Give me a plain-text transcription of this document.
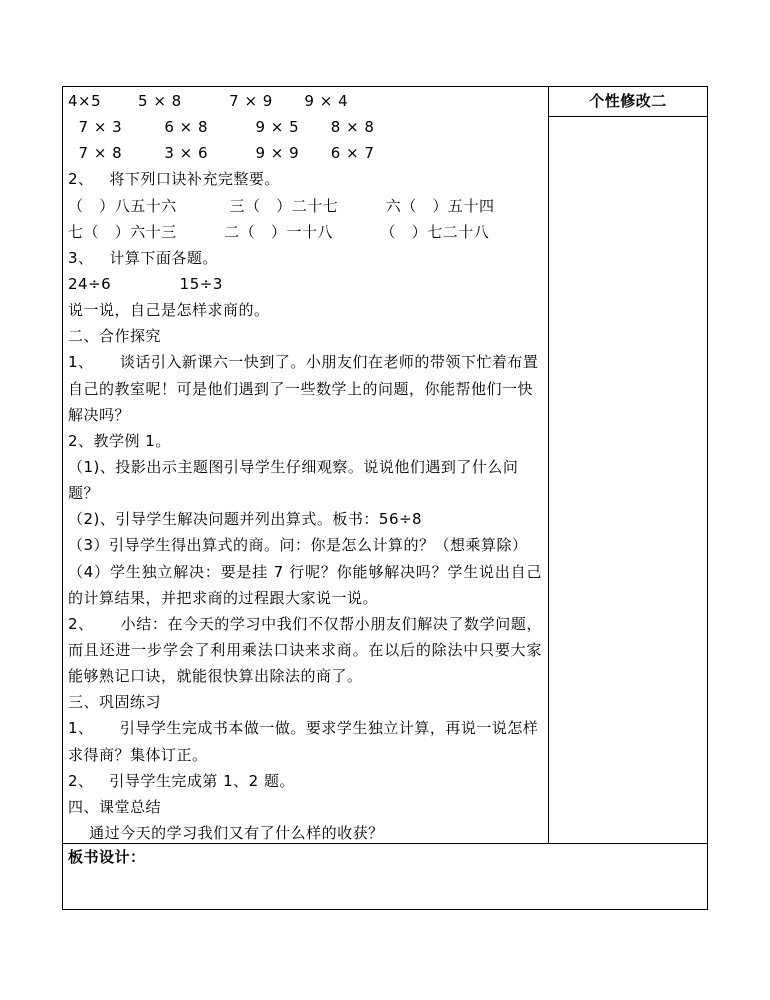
4×5       5 × 8         7 × 9      9 × 4
7 × 3        6 × 8         9 × 5      8 × 8
7 × 8        3 × 6         9 × 9      6 × 7
2、   将下列口诀补充完整要。
（   ）八五十六          三（   ）二十七         六（   ）五十四
七（   ）六十三         二（   ）一十八         （   ）七二十八
3、   计算下面各题。
24÷6             15÷3
说一说，自己是怎样求商的。
二、合作探究
1、     谈话引入新课六一快到了。小朋友们在老师的带领下忙着布置
自己的教室呢！可是他们遇到了一些数学上的问题，你能帮他们一快
解决吗？
2、教学例 1。
（1)、投影出示主题图引导学生仔细观察。说说他们遇到了什么问
题？
（2)、引导学生解决问题并列出算式。板书：56÷8
（3）引导学生得出算式的商。问：你是怎么计算的？（想乘算除）
（4）学生独立解决：要是挂 7 行呢？你能够解决吗？学生说出自己
的计算结果，并把求商的过程跟大家说一说。
2、     小结：在今天的学习中我们不仅帮小朋友们解决了数学问题，
而且还进一步学会了利用乘法口诀来求商。在以后的除法中只要大家
能够熟记口诀，就能很快算出除法的商了。
三、巩固练习
1、     引导学生完成书本做一做。要求学生独立计算，再说一说怎样
求得商？集体订正。
2、   引导学生完成第 1、2 题。
四、课堂总结
通过今天的学习我们又有了什么样的收获？
个性修改二
板书设计：
